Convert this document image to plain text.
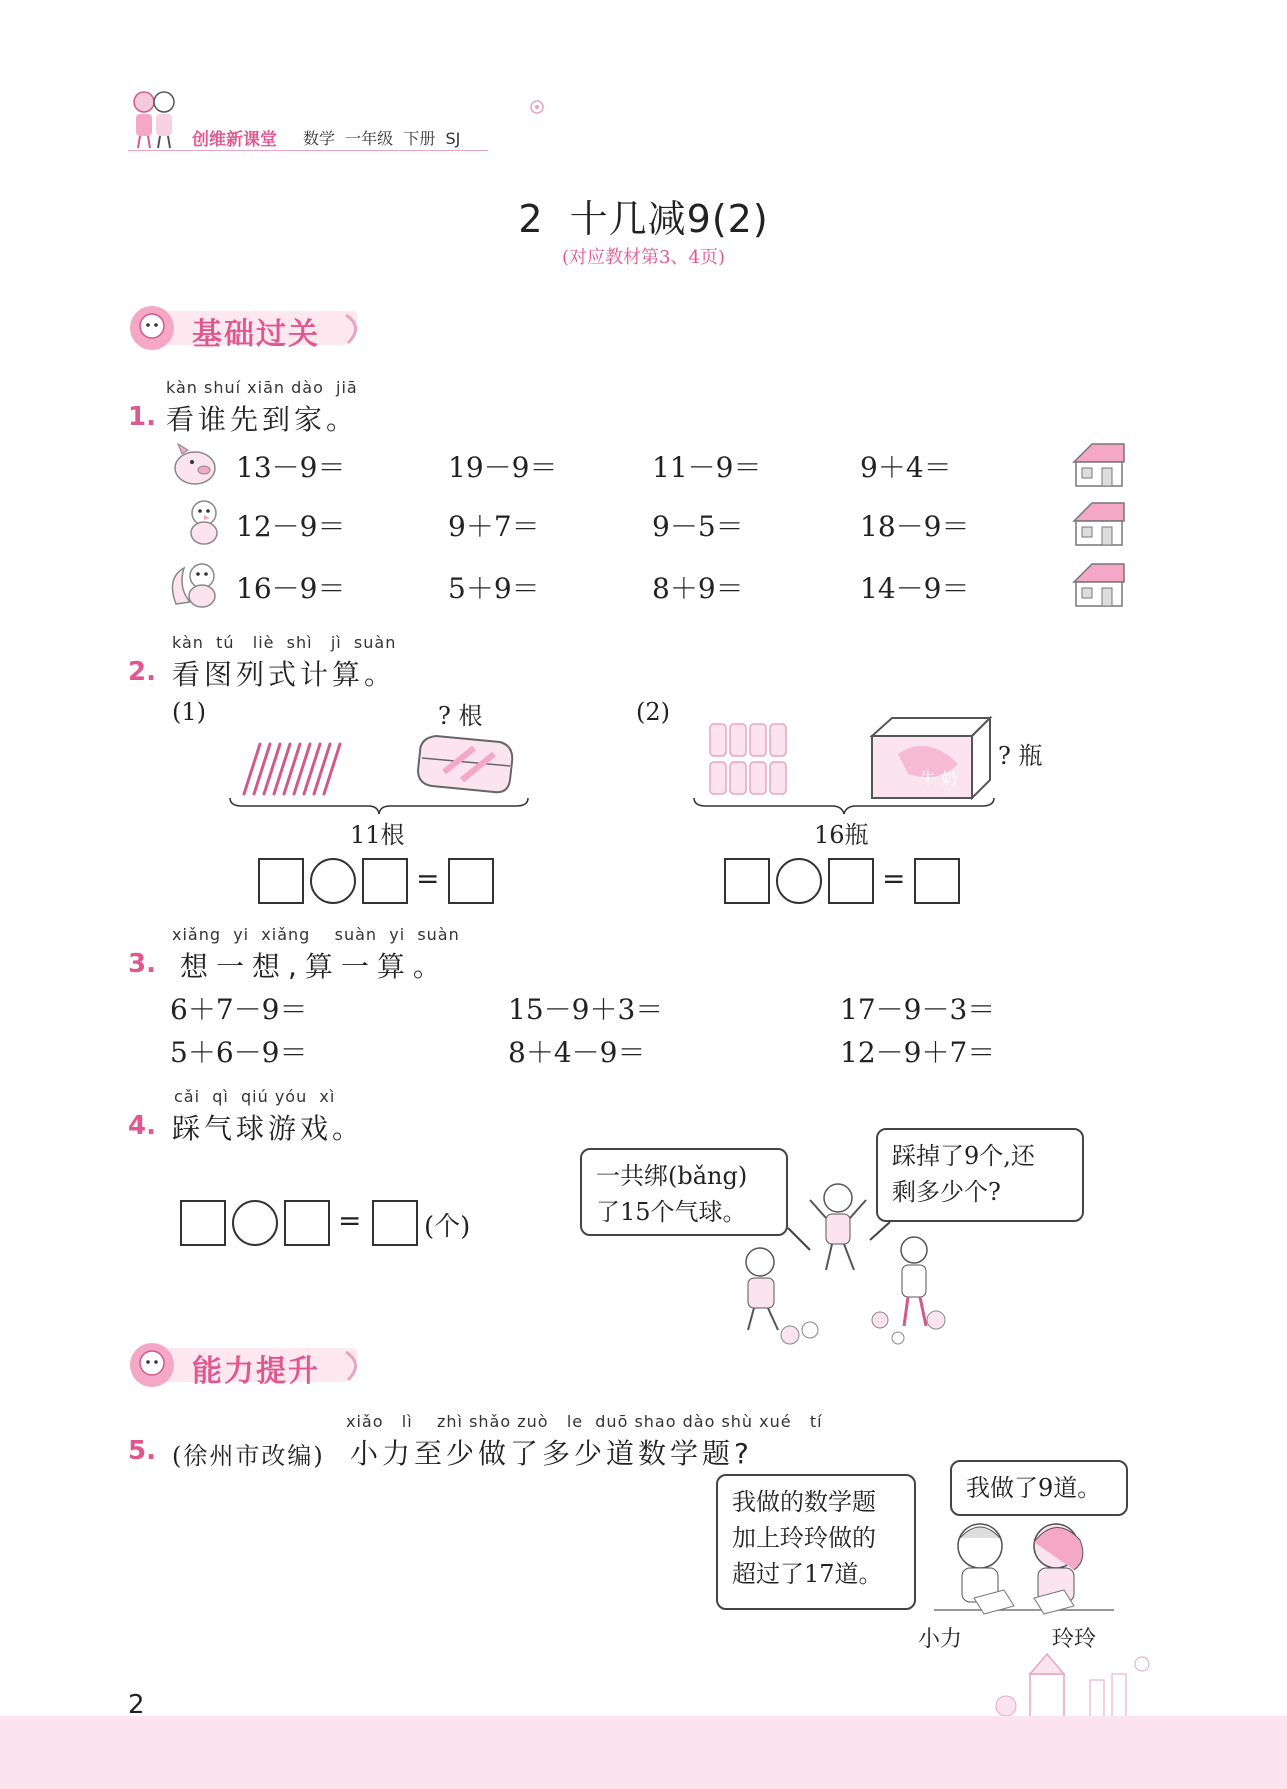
创维新课堂 数学  一年级  下册  SJ
2  十几减9(2)
(对应教材第3、4页)
基础过关
kàn shuí xiān dào  jiā
1. 看谁先到家。
13－9＝	19－9＝	11－9＝	9＋4＝
12－9＝	9＋7＝	9－5＝	18－9＝
16－9＝	5＋9＝	8＋9＝	14－9＝
kàn  tú   liè  shì   jì  suàn
2. 看图列式计算。
(1)	? 根
11根
=
(2)
牛 奶
? 瓶
16瓶
=
xiǎng  yi  xiǎng    suàn  yi  suàn
3. 想一想,算一算。
6＋7－9＝	15－9＋3＝	17－9－3＝
5＋6－9＝	8＋4－9＝	12－9＋7＝
cǎi  qì  qiú yóu  xì
4. 踩气球游戏。
= (个)
一共绑(bǎng)
了15个气球。
踩掉了9个,还
剩多少个?
能力提升
xiǎo   lì    zhì shǎo zuò   le  duō shao dào shù xué   tí
5. (徐州市改编) 小力至少做了多少道数学题?
我做的数学题
加上玲玲做的
超过了17道。
我做了9道。
小力	玲玲
2
